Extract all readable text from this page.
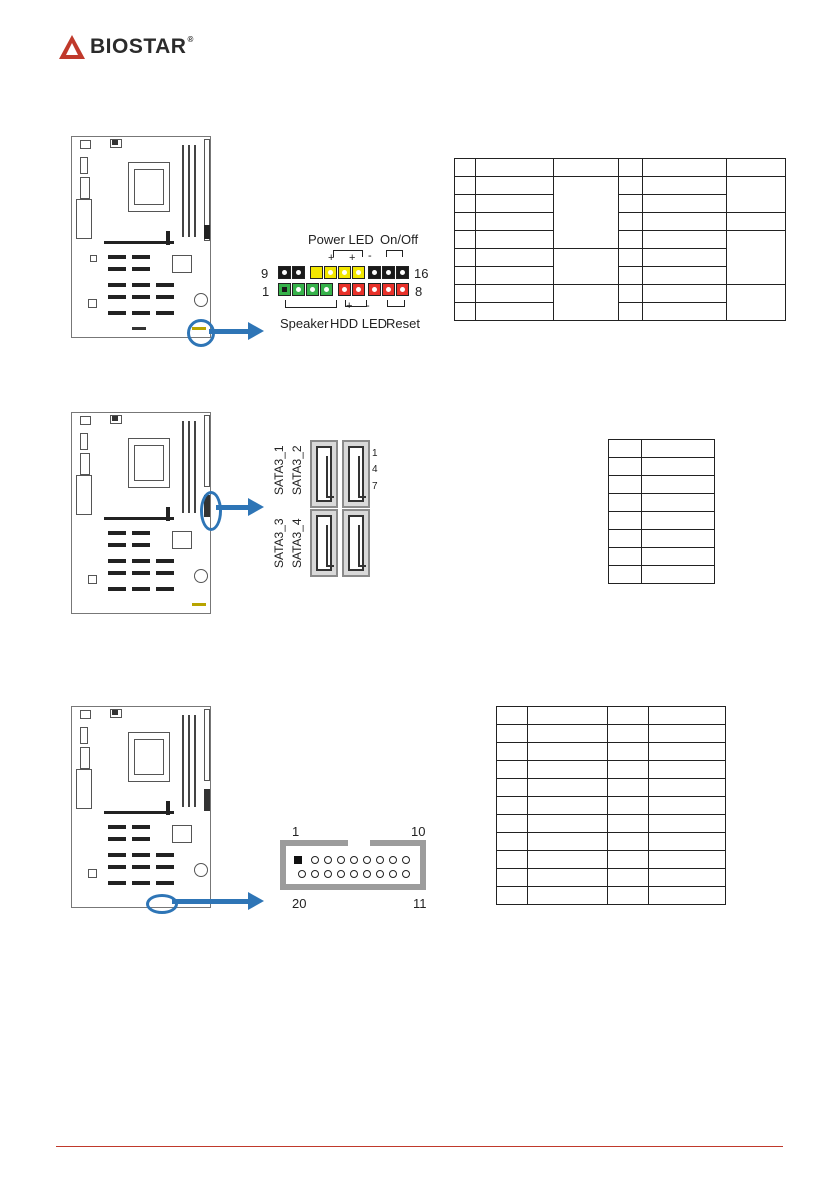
BIOSTAR®
Power LED On/Off
+ + -
9	16
1	8
+ -
Speaker HDD LED
Reset

SATA3_1 SATA3_2
SATA3_3 SATA3_4
1
4
7

1	10
20	11
